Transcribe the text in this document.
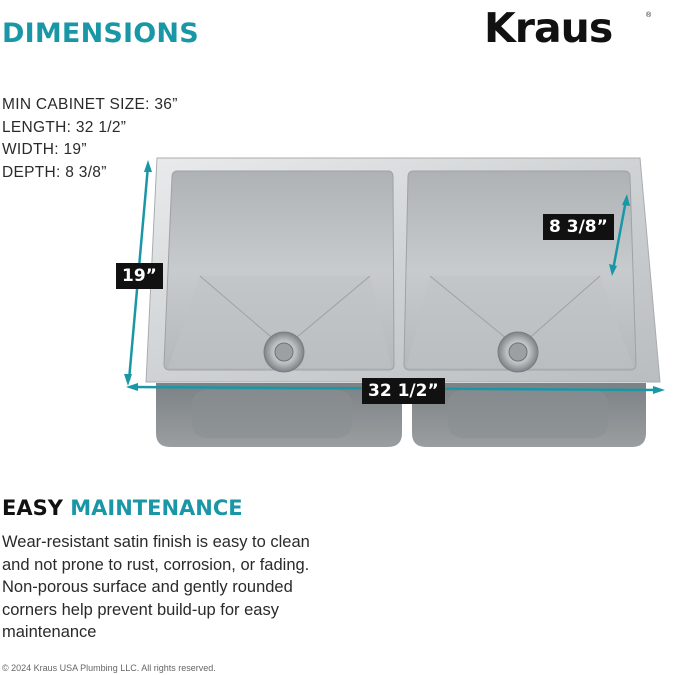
DIMENSIONS	Kraus	®
MIN CABINET SIZE: 36”
LENGTH: 32 1/2”
WIDTH: 19”
DEPTH: 8 3/8”
19”
32 1/2”
8 3/8”
EASY MAINTENANCE

Wear-resistant satin finish is easy to clean and not prone to rust, corrosion, or fading. Non-porous surface and gently rounded corners help prevent build-up for easy maintenance

© 2024 Kraus USA Plumbing LLC. All rights reserved.
